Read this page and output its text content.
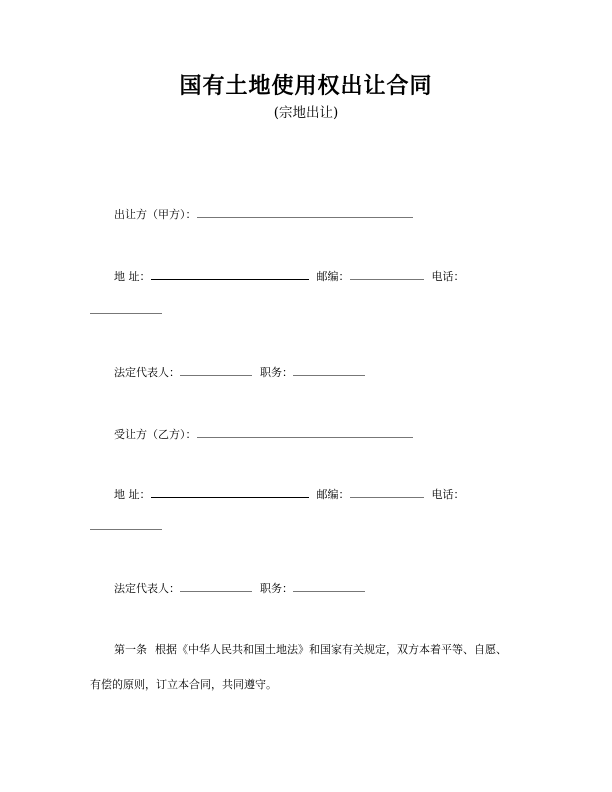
国有土地使用权出让合同
(宗地出让)
出让方（甲方）：
地 址：	邮编：	电话：
法定代表人：	职务：
受让方（乙方）：
地 址：	邮编：	电话：
法定代表人：	职务：
第一条 根据《中华人民共和国土地法》和国家有关规定，双方本着平等、自愿、
有偿的原则，订立本合同，共同遵守。
